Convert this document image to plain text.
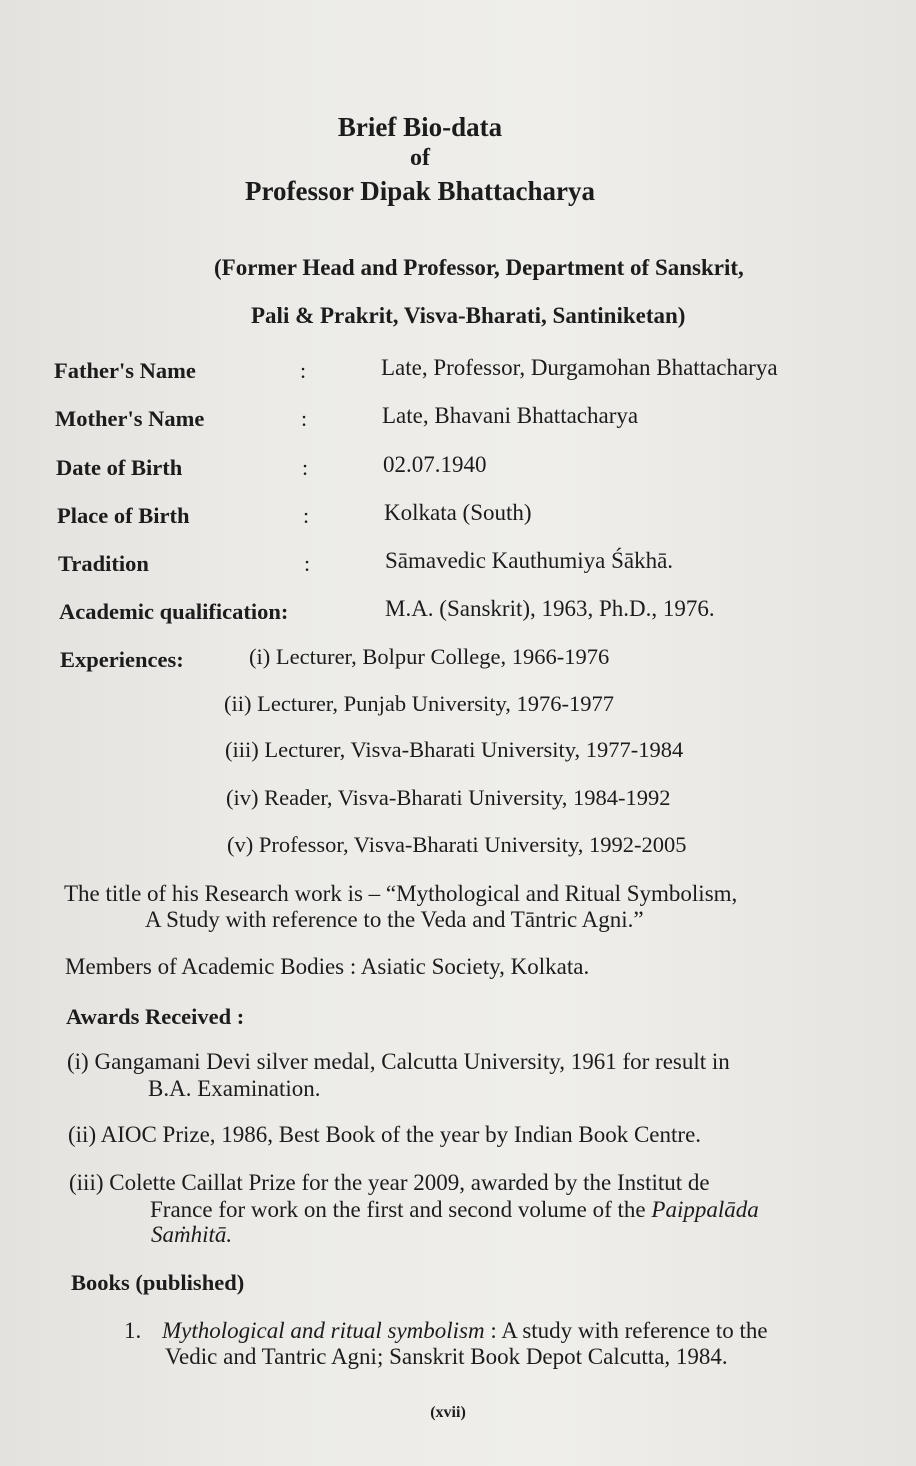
Brief Bio-data
of
Professor Dipak Bhattacharya
(Former Head and Professor, Department of Sanskrit,
Pali & Prakrit, Visva-Bharati, Santiniketan)
Father's Name	:	Late, Professor, Durgamohan Bhattacharya
Mother's Name	:	Late, Bhavani Bhattacharya
Date of Birth	:	02.07.1940
Place of Birth	:	Kolkata (South)
Tradition	:	Sāmavedic Kauthumiya Śākhā.
Academic qualification:	M.A. (Sanskrit), 1963, Ph.D., 1976.
Experiences:	(i) Lecturer, Bolpur College, 1966-1976
(ii) Lecturer, Punjab University, 1976-1977
(iii) Lecturer, Visva-Bharati University, 1977-1984
(iv) Reader, Visva-Bharati University, 1984-1992
(v) Professor, Visva-Bharati University, 1992-2005
The title of his Research work is – “Mythological and Ritual Symbolism,
A Study with reference to the Veda and Tāntric Agni.”
Members of Academic Bodies : Asiatic Society, Kolkata.
Awards Received :
(i) Gangamani Devi silver medal, Calcutta University, 1961 for result in
B.A. Examination.
(ii) AIOC Prize, 1986, Best Book of the year by Indian Book Centre.
(iii) Colette Caillat Prize for the year 2009, awarded by the Institut de
France for work on the first and second volume of the Paippalāda
Saṁhitā.
Books (published)
1. Mythological and ritual symbolism : A study with reference to the
Vedic and Tantric Agni; Sanskrit Book Depot Calcutta, 1984.
(xvii)
